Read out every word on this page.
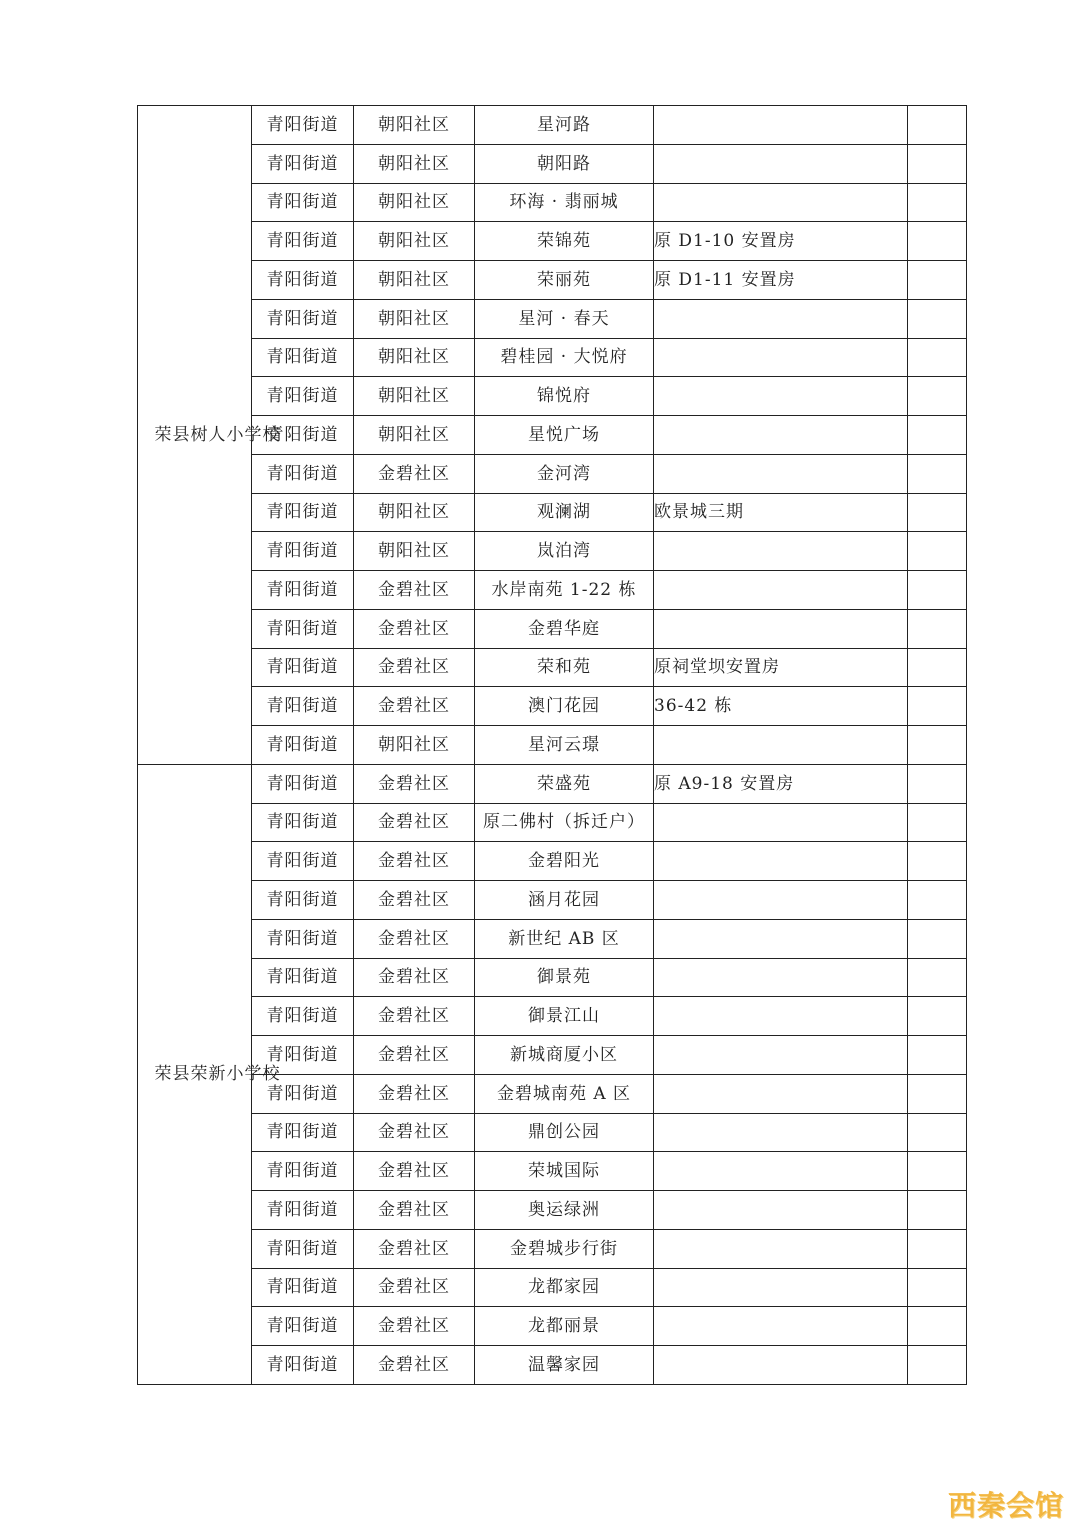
荣县树人小学校	青阳街道	朝阳社区	星河路		
	青阳街道	朝阳社区	朝阳路		
	青阳街道	朝阳社区	环海 · 翡丽城		
	青阳街道	朝阳社区	荣锦苑	原 D1-10 安置房	
	青阳街道	朝阳社区	荣丽苑	原 D1-11 安置房	
	青阳街道	朝阳社区	星河 · 春天		
	青阳街道	朝阳社区	碧桂园 · 大悦府		
	青阳街道	朝阳社区	锦悦府		
	青阳街道	朝阳社区	星悦广场		
	青阳街道	金碧社区	金河湾		
	青阳街道	朝阳社区	观澜湖	欧景城三期	
	青阳街道	朝阳社区	岚泊湾		
	青阳街道	金碧社区	水岸南苑 1-22 栋		
	青阳街道	金碧社区	金碧华庭		
	青阳街道	金碧社区	荣和苑	原祠堂坝安置房	
	青阳街道	金碧社区	澳门花园	36-42 栋	
	青阳街道	朝阳社区	星河云璟		
荣县荣新小学校	青阳街道	金碧社区	荣盛苑	原 A9-18 安置房	
	青阳街道	金碧社区	原二佛村（拆迁户）		
	青阳街道	金碧社区	金碧阳光		
	青阳街道	金碧社区	涵月花园		
	青阳街道	金碧社区	新世纪 AB 区		
	青阳街道	金碧社区	御景苑		
	青阳街道	金碧社区	御景江山		
	青阳街道	金碧社区	新城商厦小区		
	青阳街道	金碧社区	金碧城南苑 A 区		
	青阳街道	金碧社区	鼎创公园		
	青阳街道	金碧社区	荣城国际		
	青阳街道	金碧社区	奥运绿洲		
	青阳街道	金碧社区	金碧城步行街		
	青阳街道	金碧社区	龙都家园		
	青阳街道	金碧社区	龙都丽景		
	青阳街道	金碧社区	温馨家园		
西秦会馆
